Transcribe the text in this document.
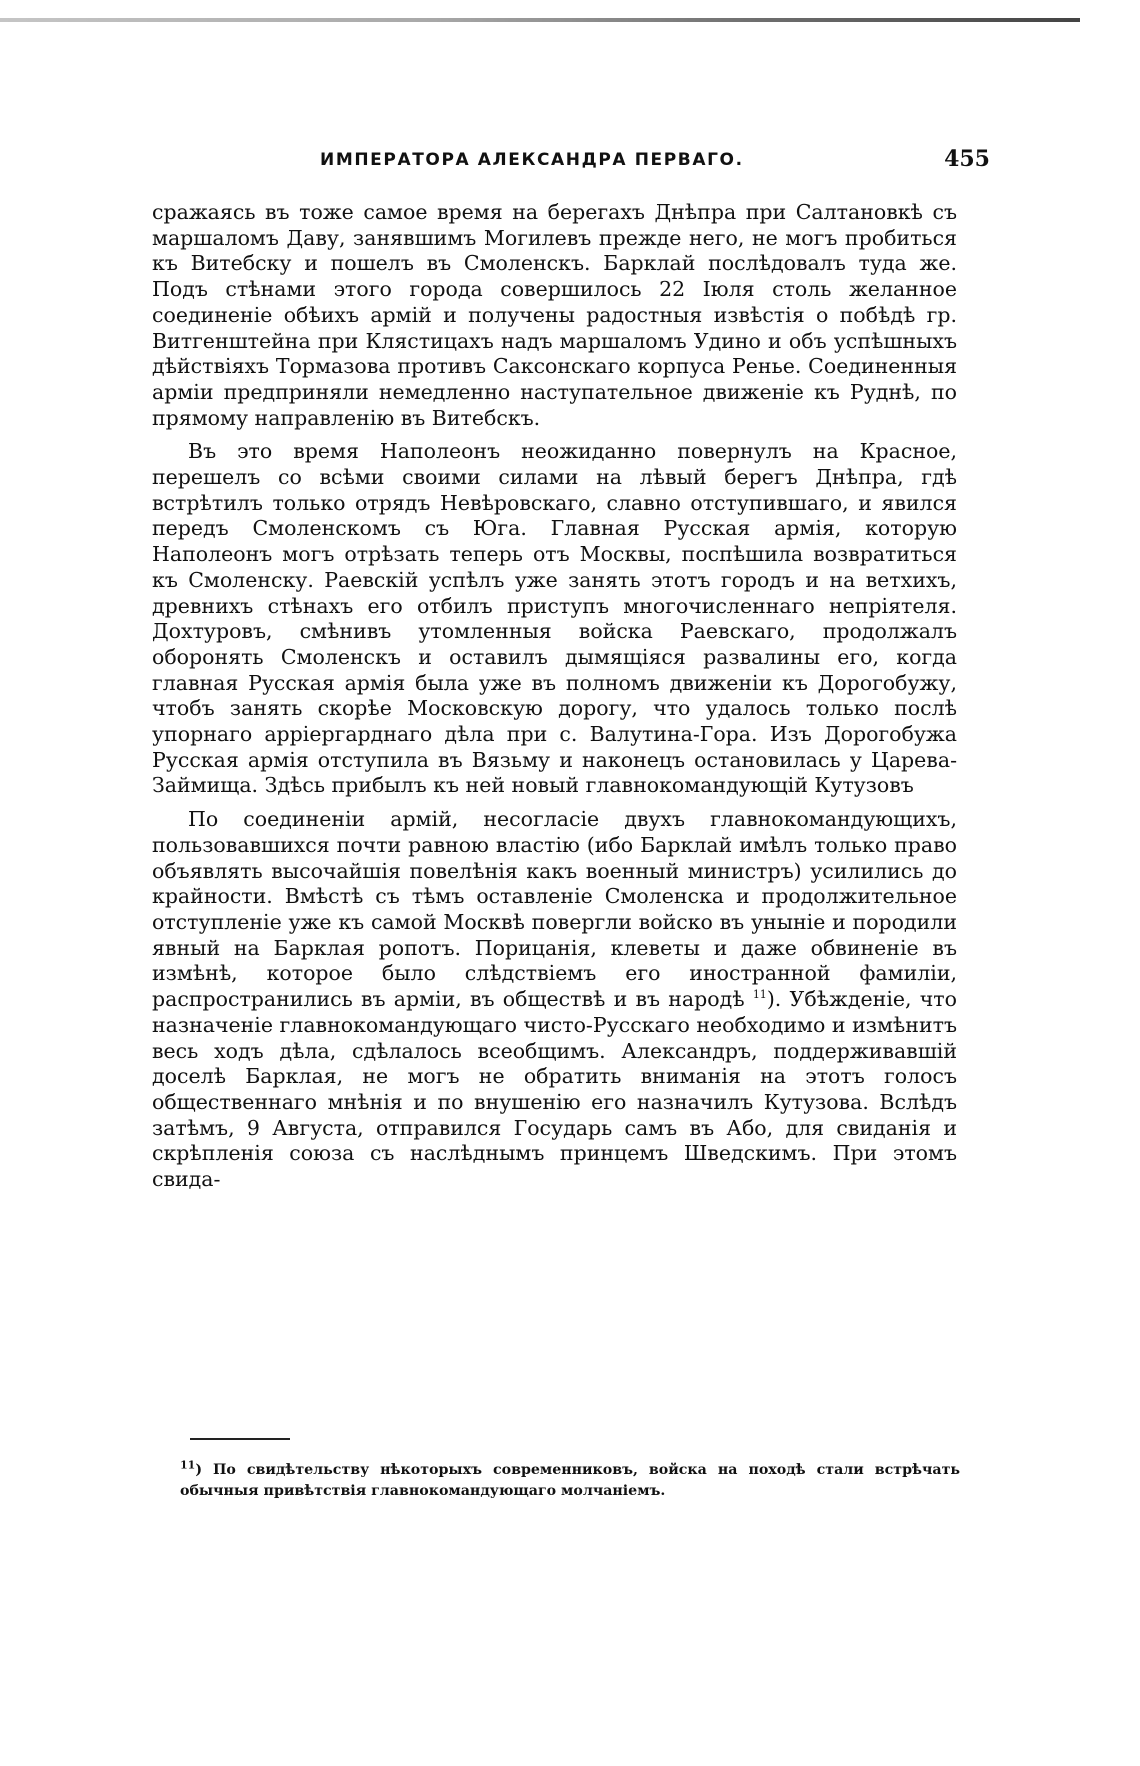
ИМПЕРАТОРА АЛЕКСАНДРА ПЕРВАГО.	455

сражаясь въ тоже самое время на берегахъ Днѣпра при Салтановкѣ съ маршаломъ Даву, занявшимъ Могилевъ прежде него, не могъ пробиться къ Витебску и пошелъ въ Смоленскъ. Барклай послѣдовалъ туда же. Подъ стѣнами этого города совершилось 22 Іюля столь желанное соединеніе обѣихъ армій и получены радостныя извѣстія о побѣдѣ гр. Витгенштейна при Клястицахъ надъ маршаломъ Удино и объ успѣшныхъ дѣйствіяхъ Тормазова противъ Саксонскаго корпуса Ренье. Соединенныя арміи предприняли немедленно наступательное движеніе къ Руднѣ, по прямому направленію въ Витебскъ.

Въ это время Наполеонъ неожиданно повернулъ на Красное, перешелъ со всѣми своими силами на лѣвый берегъ Днѣпра, гдѣ встрѣтилъ только отрядъ Невѣровскаго, славно отступившаго, и явился передъ Смоленскомъ съ Юга. Главная Русская армія, которую Наполеонъ могъ отрѣзать теперь отъ Москвы, поспѣшила возвратиться къ Смоленску. Раевскій успѣлъ уже занять этотъ городъ и на ветхихъ, древнихъ стѣнахъ его отбилъ приступъ многочисленнаго непріятеля. Дохтуровъ, смѣнивъ утомленныя войска Раевскаго, продолжалъ оборонять Смоленскъ и оставилъ дымящіяся развалины его, когда главная Русская армія была уже въ полномъ движеніи къ Дорогобужу, чтобъ занять скорѣе Московскую дорогу, что удалось только послѣ упорнаго арріергарднаго дѣла при с. Валутина-Гора. Изъ Дорогобужа Русская армія отступила въ Вязьму и наконецъ остановилась у Царева-Займища. Здѣсь прибылъ къ ней новый главнокомандующій Кутузовъ

По соединеніи армій, несогласіе двухъ главнокомандующихъ, пользовавшихся почти равною властію (ибо Барклай имѣлъ только право объявлять высочайшія повелѣнія какъ военный министръ) усилились до крайности. Вмѣстѣ съ тѣмъ оставленіе Смоленска и продолжительное отступленіе уже къ самой Москвѣ повергли войско въ уныніе и породили явный на Барклая ропотъ. Порицанія, клеветы и даже обвиненіе въ измѣнѣ, которое было слѣдствіемъ его иностранной фамиліи, распространились въ арміи, въ обществѣ и въ народѣ $^{11}$). Убѣжденіе, что назначеніе главнокомандующаго чисто-Русскаго необходимо и измѣнитъ весь ходъ дѣла, сдѣлалось всеобщимъ. Александръ, поддерживавшій доселѣ Барклая, не могъ не обратить вниманія на этотъ голосъ общественнаго мнѣнія и по внушенію его назначилъ Кутузова. Вслѣдъ затѣмъ, 9 Августа, отправился Государь самъ въ Або, для свиданія и скрѣпленія союза съ наслѣднымъ принцемъ Шведскимъ. При этомъ свида-

$^{11}$) По свидѣтельству нѣкоторыхъ современниковъ, войска на походѣ стали встрѣчать обычныя привѣтствія главнокомандующаго молчаніемъ.
